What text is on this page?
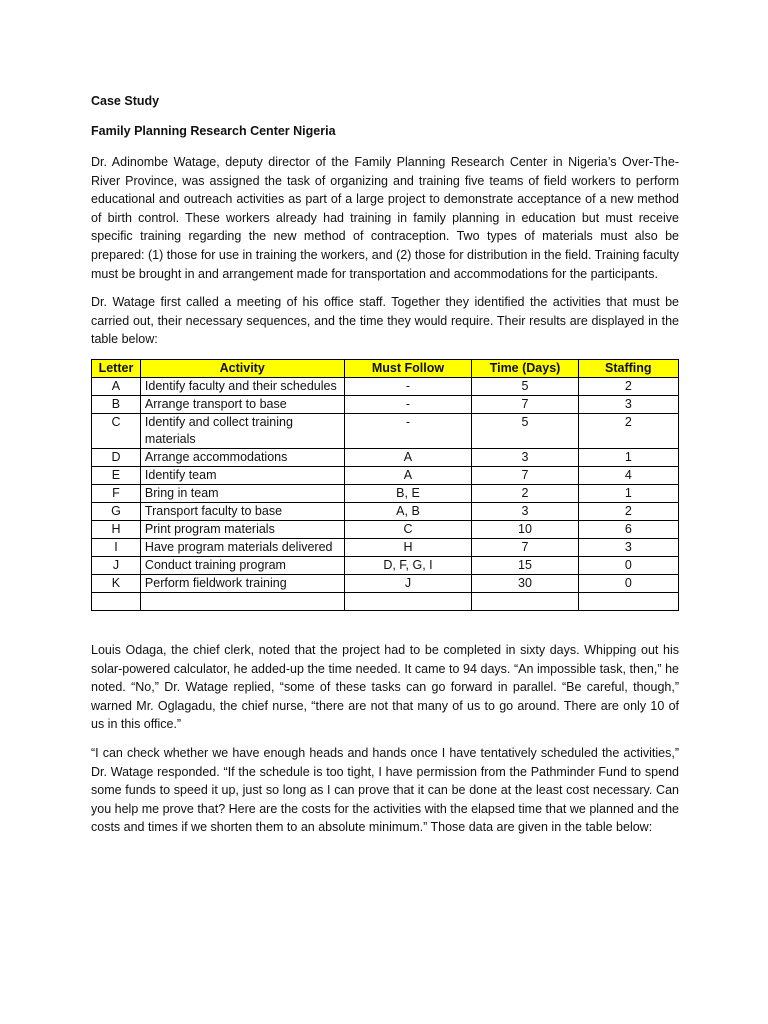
Case Study
Family Planning Research Center Nigeria

Dr. Adinombe Watage, deputy director of the Family Planning Research Center in Nigeria’s Over-The-River Province, was assigned the task of organizing and training five teams of field workers to perform educational and outreach activities as part of a large project to demonstrate acceptance of a new method of birth control. These workers already had training in family planning in education but must receive specific training regarding the new method of contraception. Two types of materials must also be prepared: (1) those for use in training the workers, and (2) those for distribution in the field. Training faculty must be brought in and arrangement made for transportation and accommodations for the participants.

Dr. Watage first called a meeting of his office staff. Together they identified the activities that must be carried out, their necessary sequences, and the time they would require. Their results are displayed in the table below:

Letter	Activity	Must Follow	Time (Days)	Staffing
A	Identify faculty and their schedules	-	5	2
B	Arrange transport to base	-	7	3
C	Identify and collect training materials	-	5	2
D	Arrange accommodations	A	3	1
E	Identify team	A	7	4
F	Bring in team	B, E	2	1
G	Transport faculty to base	A, B	3	2
H	Print program materials	C	10	6
I	Have program materials delivered	H	7	3
J	Conduct training program	D, F, G, I	15	0
K	Perform fieldwork training	J	30	0

Louis Odaga, the chief clerk, noted that the project had to be completed in sixty days. Whipping out his solar-powered calculator, he added-up the time needed. It came to 94 days. “An impossible task, then,” he noted. “No,” Dr. Watage replied, “some of these tasks can go forward in parallel. “Be careful, though,” warned Mr. Oglagadu, the chief nurse, “there are not that many of us to go around. There are only 10 of us in this office.”

“I can check whether we have enough heads and hands once I have tentatively scheduled the activities,” Dr. Watage responded. “If the schedule is too tight, I have permission from the Pathminder Fund to spend some funds to speed it up, just so long as I can prove that it can be done at the least cost necessary. Can you help me prove that? Here are the costs for the activities with the elapsed time that we planned and the costs and times if we shorten them to an absolute minimum.” Those data are given in the table below:
